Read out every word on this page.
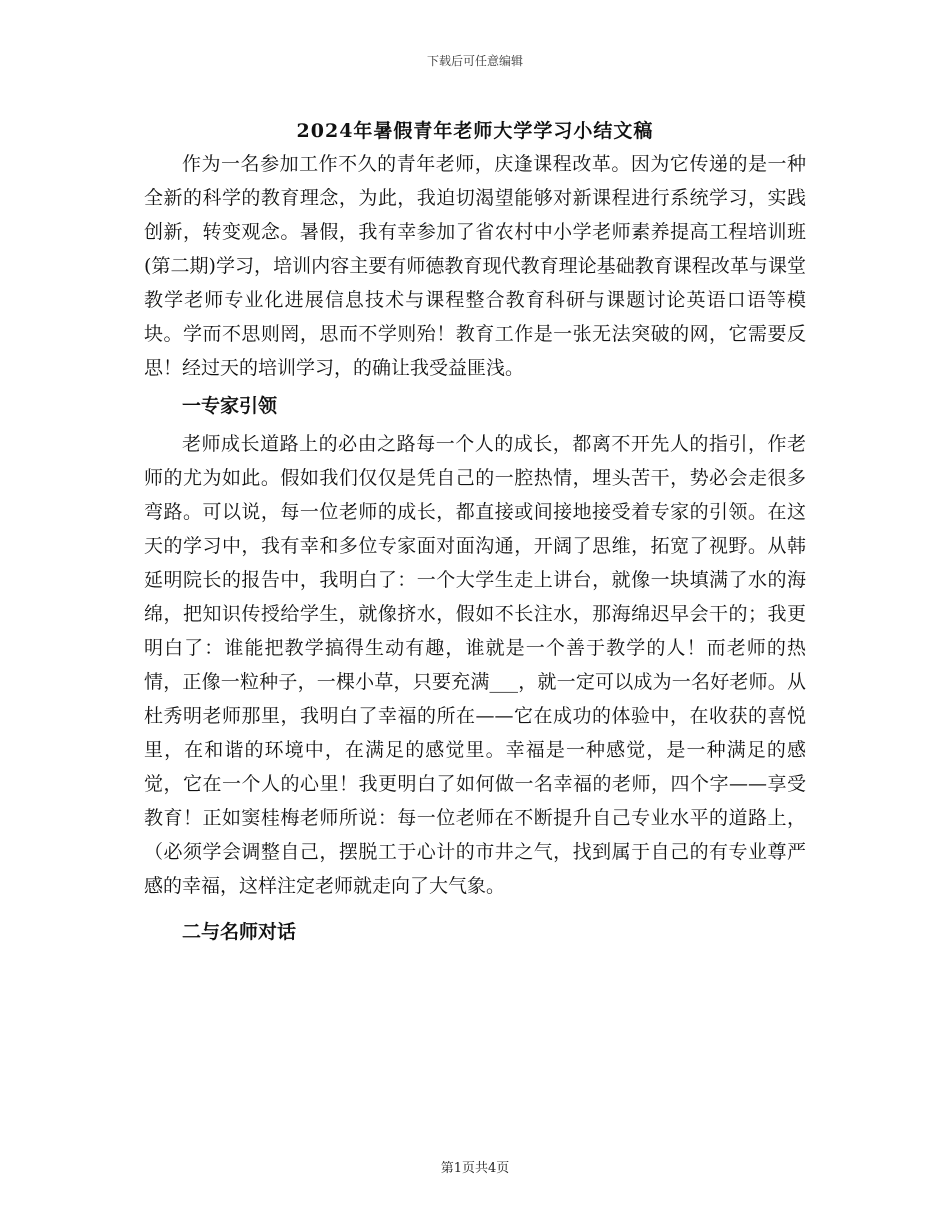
下载后可任意编辑
2024年暑假青年老师大学学习小结文稿

作为一名参加工作不久的青年老师，庆逢课程改革。因为它传递的是一种全新的科学的教育理念，为此，我迫切渴望能够对新课程进行系统学习，实践创新，转变观念。暑假，我有幸参加了省农村中小学老师素养提高工程培训班(第二期)学习，培训内容主要有师德教育现代教育理论基础教育课程改革与课堂教学老师专业化进展信息技术与课程整合教育科研与课题讨论英语口语等模块。学而不思则罔，思而不学则殆！教育工作是一张无法突破的网，它需要反思！经过天的培训学习，的确让我受益匪浅。

一专家引领

老师成长道路上的必由之路每一个人的成长，都离不开先人的指引，作老师的尤为如此。假如我们仅仅是凭自己的一腔热情，埋头苦干，势必会走很多弯路。可以说，每一位老师的成长，都直接或间接地接受着专家的引领。在这天的学习中，我有幸和多位专家面对面沟通，开阔了思维，拓宽了视野。从韩延明院长的报告中，我明白了：一个大学生走上讲台，就像一块填满了水的海绵，把知识传授给学生，就像挤水，假如不长注水，那海绵迟早会干的；我更明白了：谁能把教学搞得生动有趣，谁就是一个善于教学的人！而老师的热情，正像一粒种子，一棵小草，只要充满___，就一定可以成为一名好老师。从杜秀明老师那里，我明白了幸福的所在——它在成功的体验中，在收获的喜悦里，在和谐的环境中，在满足的感觉里。幸福是一种感觉，是一种满足的感觉，它在一个人的心里！我更明白了如何做一名幸福的老师，四个字——享受教育！正如窦桂梅老师所说：每一位老师在不断提升自己专业水平的道路上，（必须学会调整自己，摆脱工于心计的市井之气，找到属于自己的有专业尊严感的幸福，这样注定老师就走向了大气象。

二与名师对话

第1页共4页
